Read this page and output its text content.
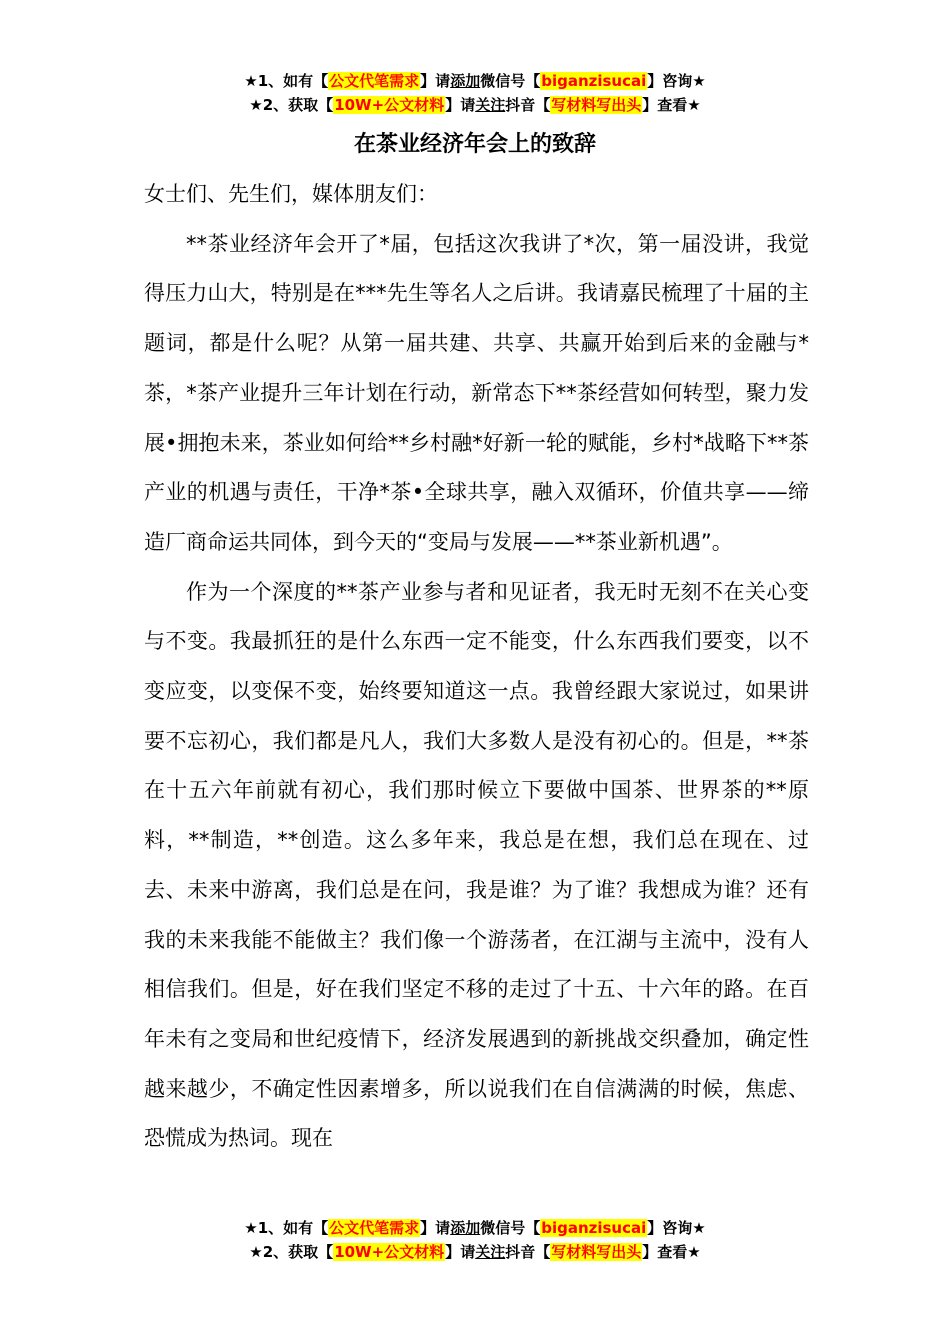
★1、如有【公文代笔需求】请添加微信号【biganzisucai】咨询★
★2、获取【10W+公文材料】请关注抖音【写材料写出头】查看★
在茶业经济年会上的致辞

女士们、先生们，媒体朋友们：

**茶业经济年会开了*届，包括这次我讲了*次，第一届没讲，我觉得压力山大，特别是在***先生等名人之后讲。我请嘉民梳理了十届的主题词，都是什么呢？从第一届共建、共享、共赢开始到后来的金融与*茶，*茶产业提升三年计划在行动，新常态下**茶经营如何转型，聚力发展•拥抱未来，茶业如何给**乡村融*好新一轮的赋能，乡村*战略下**茶产业的机遇与责任，干净*茶•全球共享，融入双循环，价值共享——缔造厂商命运共同体，到今天的“变局与发展——**茶业新机遇”。

作为一个深度的**茶产业参与者和见证者，我无时无刻不在关心变与不变。我最抓狂的是什么东西一定不能变，什么东西我们要变，以不变应变，以变保不变，始终要知道这一点。我曾经跟大家说过，如果讲要不忘初心，我们都是凡人，我们大多数人是没有初心的。但是，**茶在十五六年前就有初心，我们那时候立下要做中国茶、世界茶的**原料，**制造，**创造。这么多年来，我总是在想，我们总在现在、过去、未来中游离，我们总是在问，我是谁？为了谁？我想成为谁？还有我的未来我能不能做主？我们像一个游荡者，在江湖与主流中，没有人相信我们。但是，好在我们坚定不移的走过了十五、十六年的路。在百年未有之变局和世纪疫情下，经济发展遇到的新挑战交织叠加，确定性越来越少，不确定性因素增多，所以说我们在自信满满的时候，焦虑、恐慌成为热词。现在

★1、如有【公文代笔需求】请添加微信号【biganzisucai】咨询★
★2、获取【10W+公文材料】请关注抖音【写材料写出头】查看★
